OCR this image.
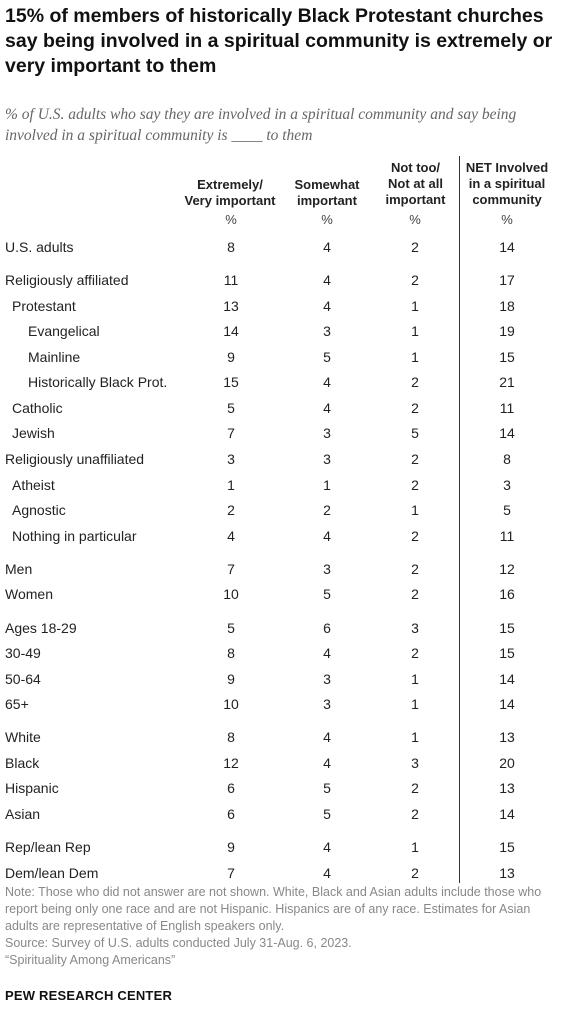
15% of members of historically Black Protestant churches say being involved in a spiritual community is extremely or very important to them
% of U.S. adults who say they are involved in a spiritual community and say being involved in a spiritual community is ____ to them
Extremely/
Very important
Somewhat
important
Not too/
Not at all
important
NET Involved
in a spiritual
community
%	%	%	%
U.S. adults	8	4	2	14
Religiously affiliated	11	4	2	17
Protestant	13	4	1	18
Evangelical	14	3	1	19
Mainline	9	5	1	15
Historically Black Prot.	15	4	2	21
Catholic	5	4	2	11
Jewish	7	3	5	14
Religiously unaffiliated	3	3	2	8
Atheist	1	1	2	3
Agnostic	2	2	1	5
Nothing in particular	4	4	2	11
Men	7	3	2	12
Women	10	5	2	16
Ages 18-29	5	6	3	15
30-49	8	4	2	15
50-64	9	3	1	14
65+	10	3	1	14
White	8	4	1	13
Black	12	4	3	20
Hispanic	6	5	2	13
Asian	6	5	2	14
Rep/lean Rep	9	4	1	15
Dem/lean Dem	7	4	2	13
Note: Those who did not answer are not shown. White, Black and Asian adults include those who report being only one race and are not Hispanic. Hispanics are of any race. Estimates for Asian adults are representative of English speakers only.
Source: Survey of U.S. adults conducted July 31-Aug. 6, 2023.
“Spirituality Among Americans”
PEW RESEARCH CENTER
